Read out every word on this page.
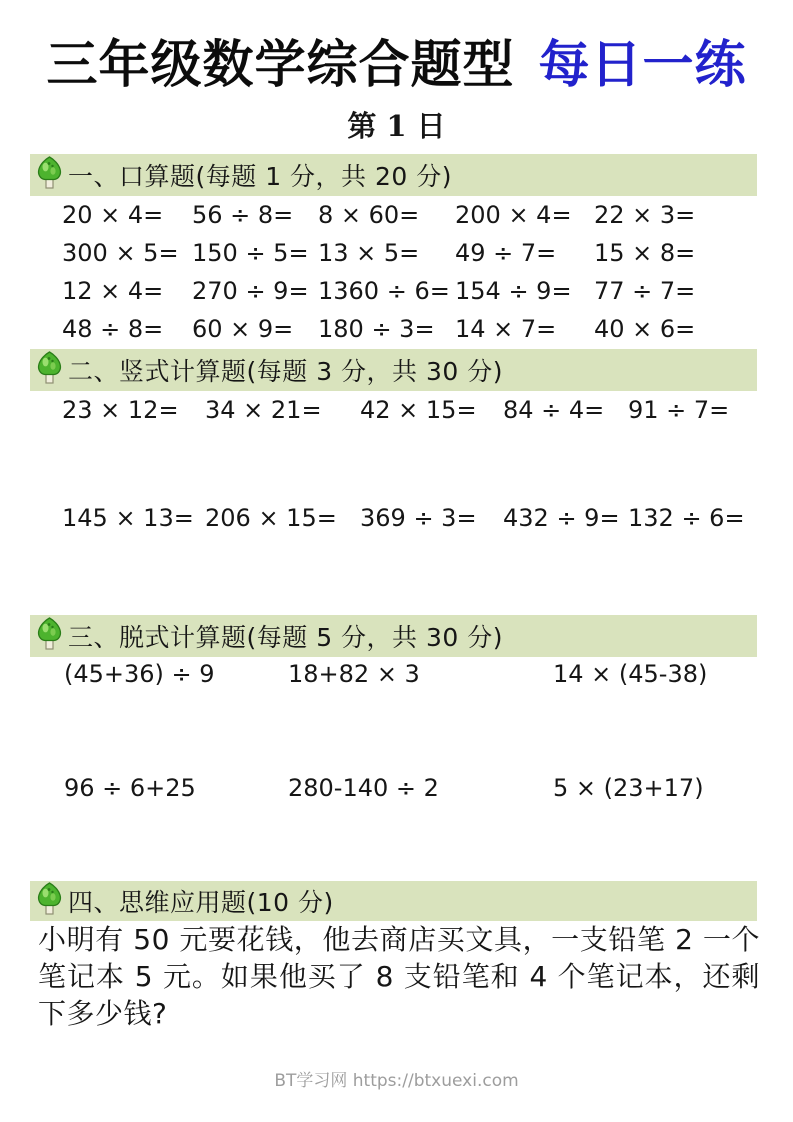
三年级数学综合题型 每日一练
第 1 日
一、口算题(每题 1 分，共 20 分)
20 × 4=	56 ÷ 8=	8 × 60=	200 × 4= 22 × 3=
300 × 5= 150 ÷ 5= 13 × 5=	49 ÷ 7=	15 × 8=
12 × 4=	270 ÷ 9= 1360 ÷ 6= 154 ÷ 9= 77 ÷ 7=
48 ÷ 8=	60 × 9=	180 ÷ 3= 14 × 7=	40 × 6=
二、竖式计算题(每题 3 分，共 30 分)
23 × 12=	34 × 21=	42 × 15=	84 ÷ 4= 91 ÷ 7=
145 × 13= 206 × 15= 369 ÷ 3=	432 ÷ 9= 132 ÷ 6=
三、脱式计算题(每题 5 分，共 30 分)
(45+36) ÷ 9	18+82 × 3	14 × (45-38)
96 ÷ 6+25	280-140 ÷ 2	5 × (23+17)
四、思维应用题(10 分)
小明有 50 元要花钱，他去商店买文具，一支铅笔 2 一个笔记本 5 元。如果他买了 8 支铅笔和 4 个笔记本，还剩下多少钱?
BT学习网 https://btxuexi.com
